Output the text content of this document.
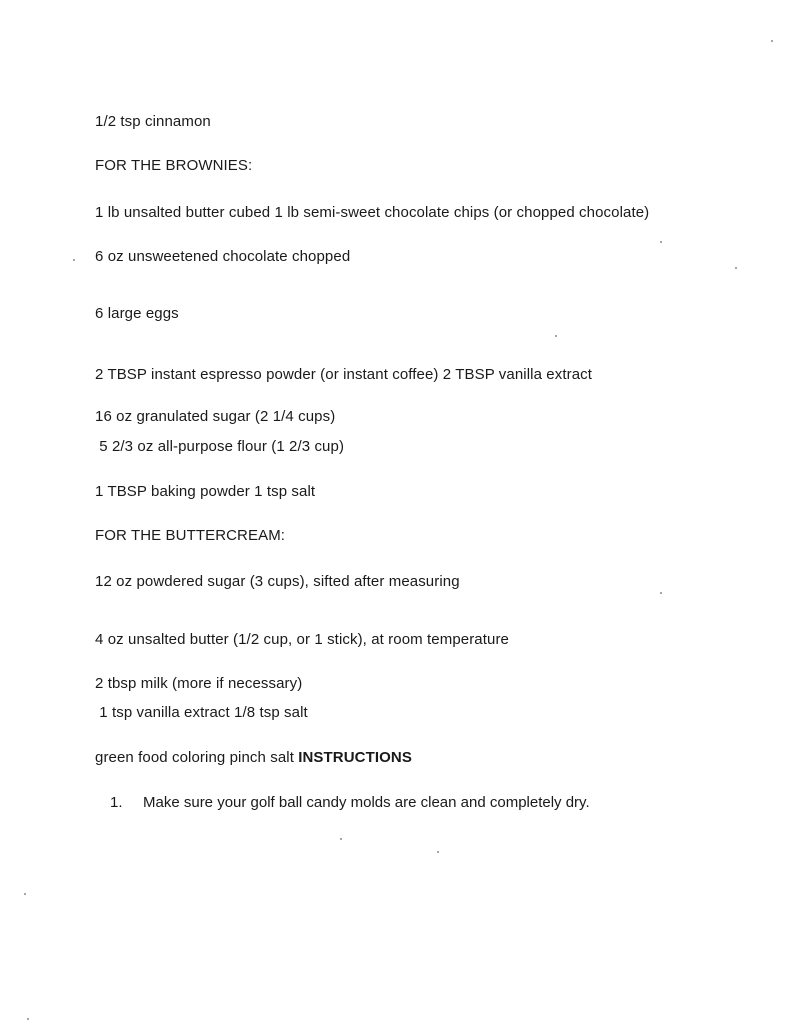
1/2 tsp cinnamon
FOR THE BROWNIES:
1 lb unsalted butter cubed 1 lb semi-sweet chocolate chips (or chopped chocolate)
6 oz unsweetened chocolate chopped
6 large eggs
2 TBSP instant espresso powder (or instant coffee) 2 TBSP vanilla extract
16 oz granulated sugar (2 1/4 cups)
5 2/3 oz all-purpose flour (1 2/3 cup)
1 TBSP baking powder 1 tsp salt
FOR THE BUTTERCREAM:
12 oz powdered sugar (3 cups), sifted after measuring
4 oz unsalted butter (1/2 cup, or 1 stick), at room temperature
2 tbsp milk (more if necessary)
1 tsp vanilla extract 1/8 tsp salt
green food coloring pinch salt INSTRUCTIONS
1. Make sure your golf ball candy molds are clean and completely dry.
